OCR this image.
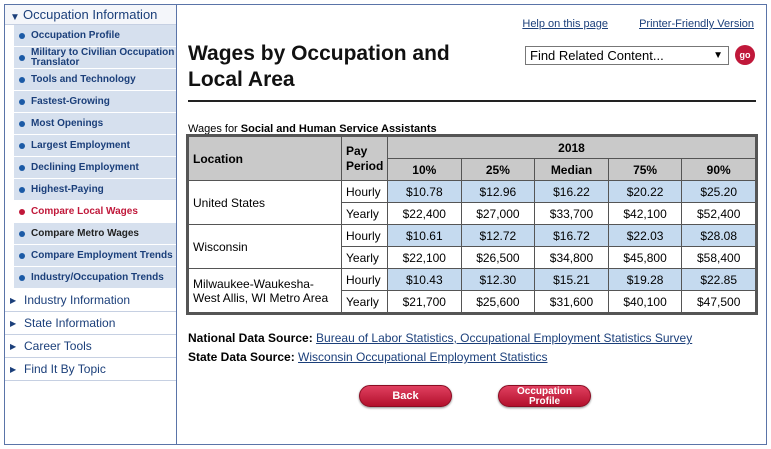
▼ Occupation Information
Occupation Profile
Military to Civilian Occupation Translator
Tools and Technology
Fastest-Growing
Most Openings
Largest Employment
Declining Employment
Highest-Paying
Compare Local Wages
Compare Metro Wages
Compare Employment Trends
Industry/Occupation Trends
▶ Industry Information
▶ State Information
▶ Career Tools
▶ Find It By Topic
Help on this page	Printer-Friendly Version
Wages by Occupation and
Local Area
Find Related Content...	▼	go
Wages for Social and Human Service Assistants
Location	Pay Period	2018				
		10%	25%	Median	75%	90%
United States	Hourly	$10.78	$12.96	$16.22	$20.22	$25.20
	Yearly	$22,400	$27,000	$33,700	$42,100	$52,400
Wisconsin	Hourly	$10.61	$12.72	$16.72	$22.03	$28.08
	Yearly	$22,100	$26,500	$34,800	$45,800	$58,400
Milwaukee-Waukesha-West Allis, WI Metro Area	Hourly	$10.43	$12.30	$15.21	$19.28	$22.85
	Yearly	$21,700	$25,600	$31,600	$40,100	$47,500
National Data Source: Bureau of Labor Statistics, Occupational Employment Statistics Survey
State Data Source: Wisconsin Occupational Employment Statistics
Back	Occupation
Profile
